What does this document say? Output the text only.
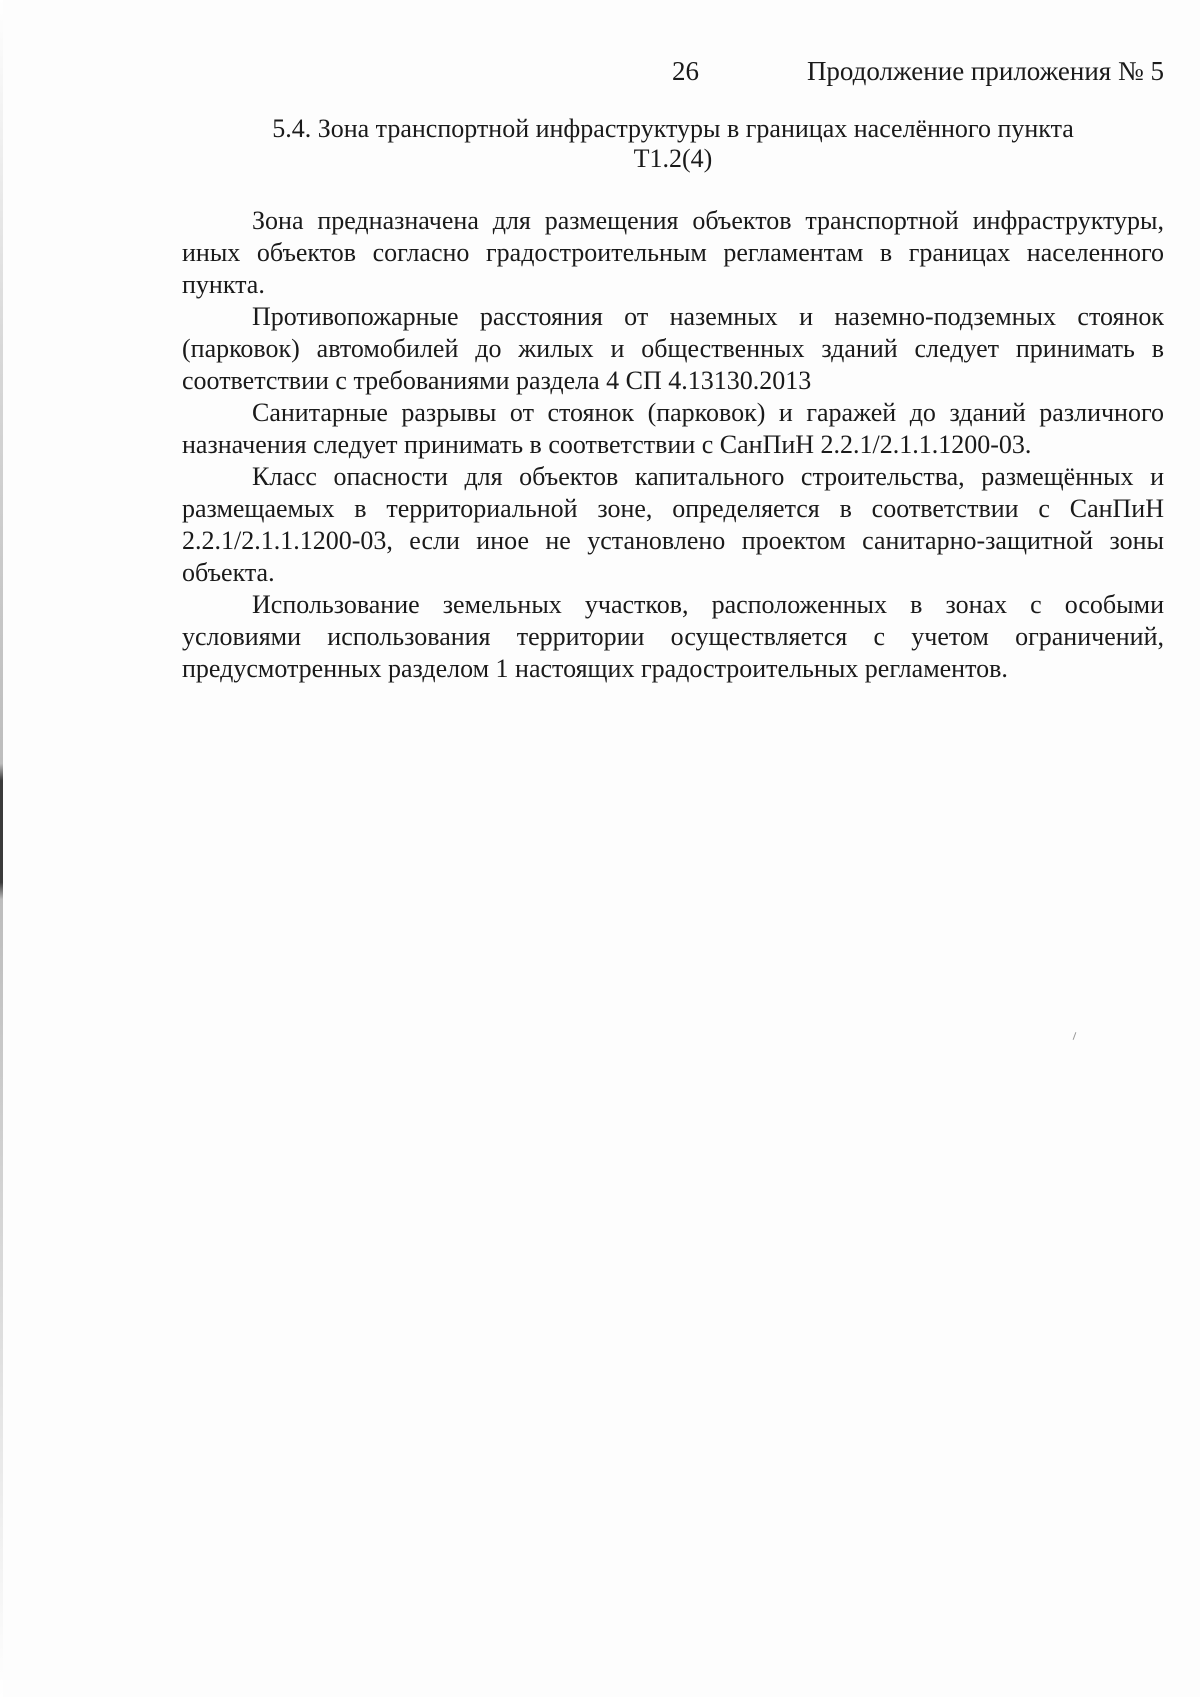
26	Продолжение приложения № 5
5.4. Зона транспортной инфраструктуры в границах населённого пункта
Т1.2(4)

Зона предназначена для размещения объектов транспортной инфраструктуры, иных объектов согласно градостроительным регламентам в границах населенного пункта.

Противопожарные расстояния от наземных и наземно-подземных стоянок (парковок) автомобилей до жилых и общественных зданий следует принимать в соответствии с требованиями раздела 4 СП 4.13130.2013

Санитарные разрывы от стоянок (парковок) и гаражей до зданий различного назначения следует принимать в соответствии с СанПиН 2.2.1/2.1.1.1200-03.

Класс опасности для объектов капитального строительства, размещённых и размещаемых в территориальной зоне, определяется в соответствии с СанПиН 2.2.1/2.1.1.1200-03, если иное не установлено проектом санитарно-защитной зоны объекта.

Использование земельных участков, расположенных в зонах с особыми условиями использования территории осуществляется с учетом ограничений, предусмотренных разделом 1 настоящих градостроительных регламентов.
